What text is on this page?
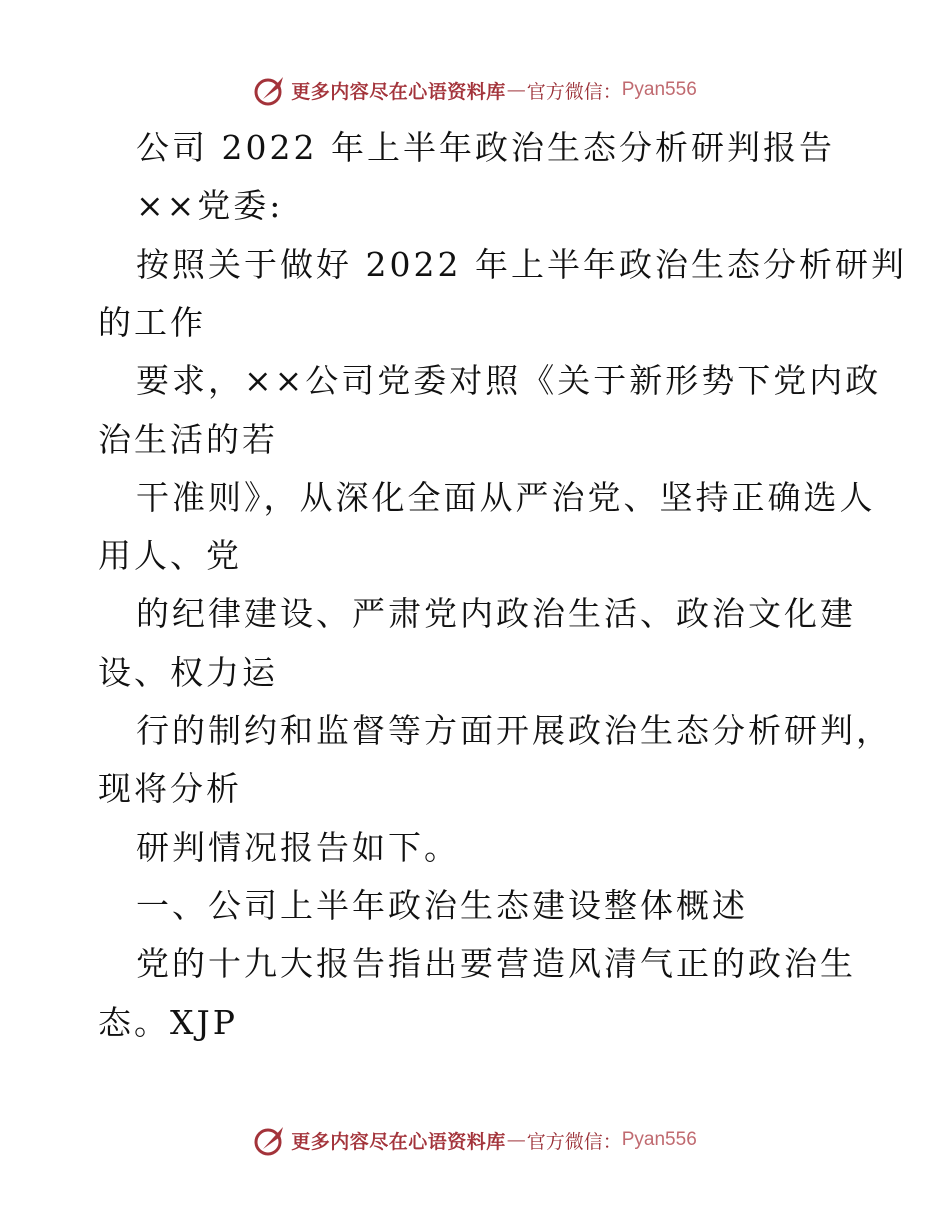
更多内容尽在心语资料库 — 官方微信： Pyan556
公司 2022 年上半年政治生态分析研判报告
××党委:
按照关于做好 2022 年上半年政治生态分析研判
的工作
要求，××公司党委对照《关于新形势下党内政
治生活的若
干准则》，从深化全面从严治党、坚持正确选人
用人、党
的纪律建设、严肃党内政治生活、政治文化建
设、权力运
行的制约和监督等方面开展政治生态分析研判，
现将分析
研判情况报告如下。
一、公司上半年政治生态建设整体概述
党的十九大报告指出要营造风清气正的政治生
态。XJP
更多内容尽在心语资料库 — 官方微信： Pyan556
